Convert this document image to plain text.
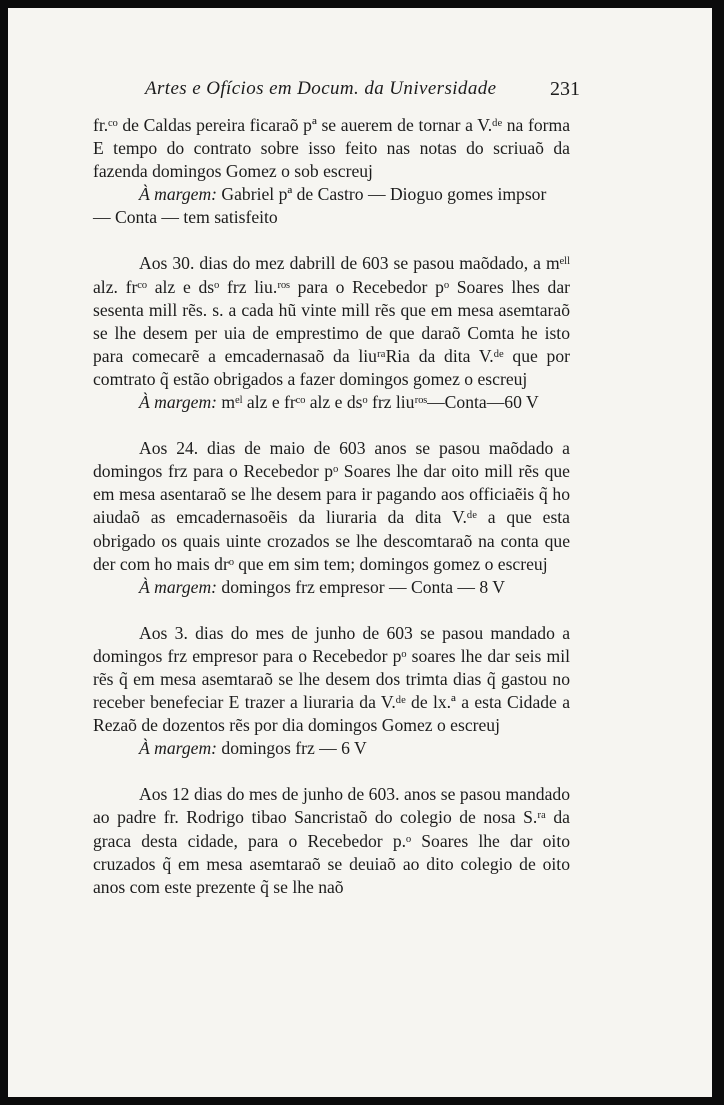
Artes e Ofícios em Docum. da Universidade	231

fr.ᶜᵒ de Caldas pereira ficaraõ pª se auerem de tornar a V.ᵈᵉ na forma E tempo do contrato sobre isso feito nas notas do scriuaõ da fazenda domingos Gomez o sob escreuj

À margem: Gabriel pª de Castro — Dioguo gomes impsor

— Conta — tem satisfeito

Aos 30. dias do mez dabrill de 603 se pasou maõdado, a mᵉˡˡ alz. frᶜᵒ alz e dsᵒ frz liu.ʳᵒˢ para o Recebedor pᵒ Soares lhes dar sesenta mill rẽs. s. a cada hũ vinte mill rẽs que em mesa asemtaraõ se lhe desem per uia de emprestimo de que daraõ Comta he isto para comecarẽ a emcadernasaõ da liuʳᵃRia da dita V.ᵈᵉ que por comtrato q̃ estão obrigados a fazer domingos gomez o escreuj

À margem: mᵉˡ alz e frᶜᵒ alz e dsᵒ frz liuʳᵒˢ—Conta—60 V

Aos 24. dias de maio de 603 anos se pasou maõdado a domingos frz para o Recebedor pᵒ Soares lhe dar oito mill rẽs que em mesa asentaraõ se lhe desem para ir pagando aos officiaẽis q̃ ho aiudaõ as emcadernasoẽis da liuraria da dita V.ᵈᵉ a que esta obrigado os quais uinte crozados se lhe descomtaraõ na conta que der com ho mais drᵒ que em sim tem; domingos gomez o escreuj

À margem: domingos frz empresor — Conta — 8 V

Aos 3. dias do mes de junho de 603 se pasou mandado a domingos frz empresor para o Recebedor pᵒ soares lhe dar seis mil rẽs q̃ em mesa asemtaraõ se lhe desem dos trimta dias q̃ gastou no receber benefeciar E trazer a liuraria da V.ᵈᵉ de lx.ª a esta Cidade a Rezaõ de dozentos rẽs por dia domingos Gomez o escreuj

À margem: domingos frz — 6 V

Aos 12 dias do mes de junho de 603. anos se pasou mandado ao padre fr. Rodrigo tibao Sancristaõ do colegio de nosa S.ʳᵃ da graca desta cidade, para o Recebedor p.ᵒ Soares lhe dar oito cruzados q̃ em mesa asemtaraõ se deuiaõ ao dito colegio de oito anos com este prezente q̃ se lhe naõ
